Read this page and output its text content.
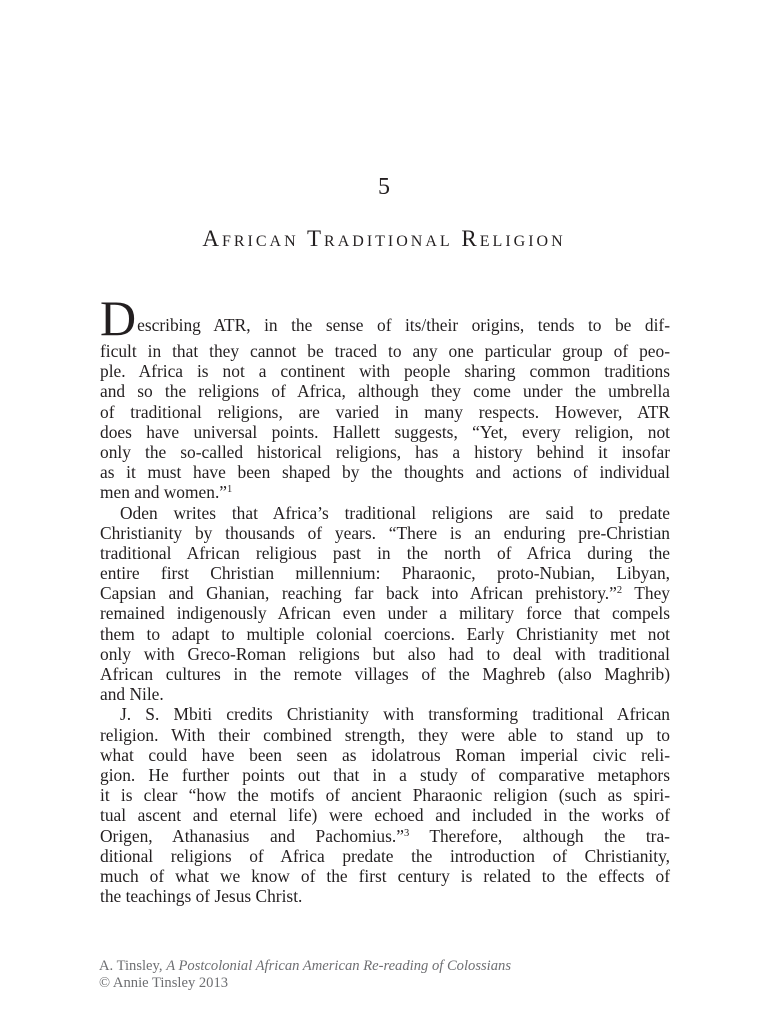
5
African Traditional Religion
D escribing ATR, in the sense of its/their origins, tends to be dif-
ficult in that they cannot be traced to any one particular group of peo-
ple. Africa is not a continent with people sharing common traditions
and so the religions of Africa, although they come under the umbrella
of traditional religions, are varied in many respects. However, ATR
does have universal points. Hallett suggests, “Yet, every religion, not
only the so-called historical religions, has a history behind it insofar
as it must have been shaped by the thoughts and actions of individual
men and women.”$^1$
Oden writes that Africa’s traditional religions are said to predate
Christianity by thousands of years. “There is an enduring pre-Christian
traditional African religious past in the north of Africa during the
entire first Christian millennium: Pharaonic, proto-Nubian, Libyan,
Capsian and Ghanian, reaching far back into African prehistory.”$^2$ They
remained indigenously African even under a military force that compels
them to adapt to multiple colonial coercions. Early Christianity met not
only with Greco-Roman religions but also had to deal with traditional
African cultures in the remote villages of the Maghreb (also Maghrib)
and Nile.
J. S. Mbiti credits Christianity with transforming traditional African
religion. With their combined strength, they were able to stand up to
what could have been seen as idolatrous Roman imperial civic reli-
gion. He further points out that in a study of comparative metaphors
it is clear “how the motifs of ancient Pharaonic religion (such as spiri-
tual ascent and eternal life) were echoed and included in the works of
Origen, Athanasius and Pachomius.”$^3$ Therefore, although the tra-
ditional religions of Africa predate the introduction of Christianity,
much of what we know of the first century is related to the effects of
the teachings of Jesus Christ.
A. Tinsley, A Postcolonial African American Re-reading of Colossians
© Annie Tinsley 2013
